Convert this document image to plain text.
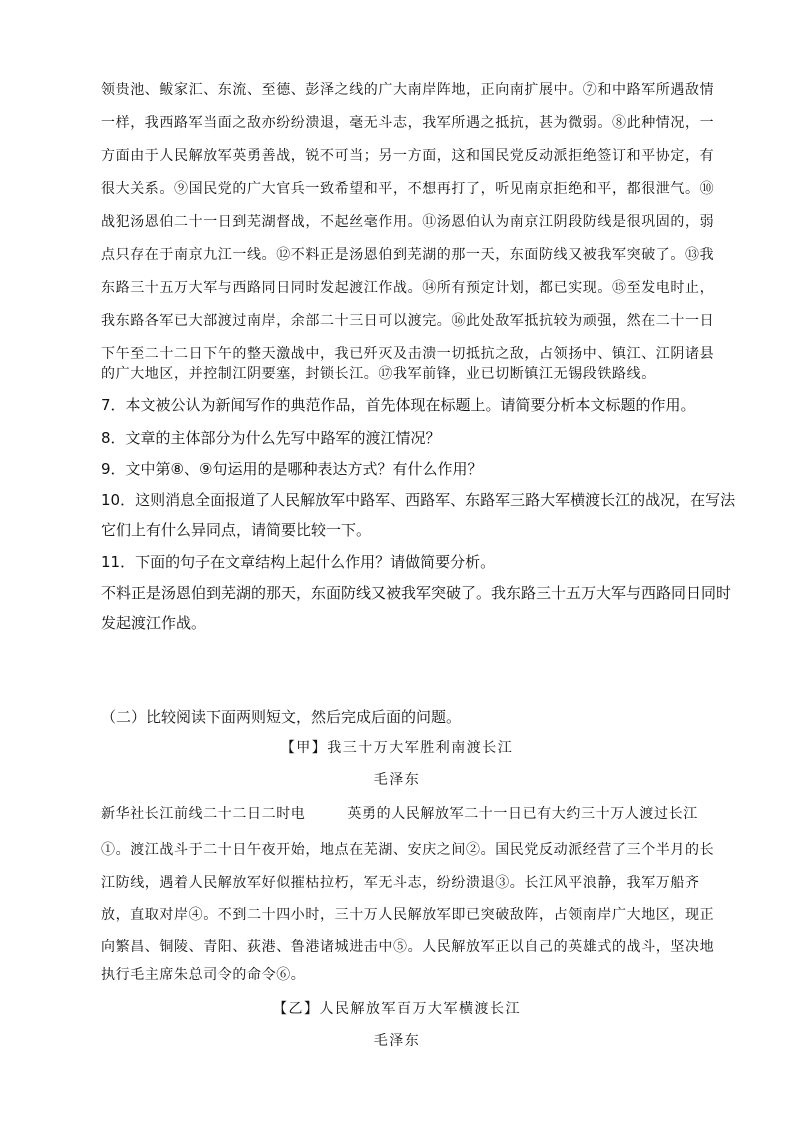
领贵池、鲅家汇、东流、至德、彭泽之线的广大南岸阵地，正向南扩展中。⑦和中路军所遇敌情
一样，我西路军当面之敌亦纷纷溃退，毫无斗志，我军所遇之抵抗，甚为微弱。⑧此种情况，一
方面由于人民解放军英勇善战，锐不可当；另一方面，这和国民党反动派拒绝签订和平协定，有
很大关系。⑨国民党的广大官兵一致希望和平，不想再打了，听见南京拒绝和平，都很泄气。⑩
战犯汤恩伯二十一日到芜湖督战，不起丝毫作用。⑪汤恩伯认为南京江阴段防线是很巩固的，弱
点只存在于南京九江一线。⑫不料正是汤恩伯到芜湖的那一天，东面防线又被我军突破了。⑬我
东路三十五万大军与西路同日同时发起渡江作战。⑭所有预定计划，都已实现。⑮至发电时止，
我东路各军已大部渡过南岸，余部二十三日可以渡完。⑯此处敌军抵抗较为顽强，然在二十一日
下午至二十二日下午的整天激战中，我已歼灭及击溃一切抵抗之敌，占领扬中、镇江、江阴诸县
的广大地区，并控制江阴要塞，封锁长江。⑰我军前锋，业已切断镇江无锡段铁路线。
7．本文被公认为新闻写作的典范作品，首先体现在标题上。请简要分析本文标题的作用。
8．文章的主体部分为什么先写中路军的渡江情况？
9．文中第⑧、⑨句运用的是哪种表达方式？有什么作用？
10．这则消息全面报道了人民解放军中路军、西路军、东路军三路大军横渡长江的战况，在写法
它们上有什么异同点，请简要比较一下。
11．下面的句子在文章结构上起什么作用？请做简要分析。
不料正是汤恩伯到芜湖的那天，东面防线又被我军突破了。我东路三十五万大军与西路同日同时
发起渡江作战。
（二）比较阅读下面两则短文，然后完成后面的问题。
【甲】我三十万大军胜利南渡长江
毛泽东
新华社长江前线二十二日二时电	英勇的人民解放军二十一日已有大约三十万人渡过长江
①。渡江战斗于二十日午夜开始，地点在芜湖、安庆之间②。国民党反动派经营了三个半月的长
江防线，遇着人民解放军好似摧枯拉朽，军无斗志，纷纷溃退③。长江风平浪静，我军万船齐
放，直取对岸④。不到二十四小时，三十万人民解放军即已突破敌阵，占领南岸广大地区，现正
向繁昌、铜陵、青阳、荻港、鲁港诸城进击中⑤。人民解放军正以自己的英雄式的战斗，坚决地
执行毛主席朱总司令的命令⑥。
【乙】人民解放军百万大军横渡长江
毛泽东
